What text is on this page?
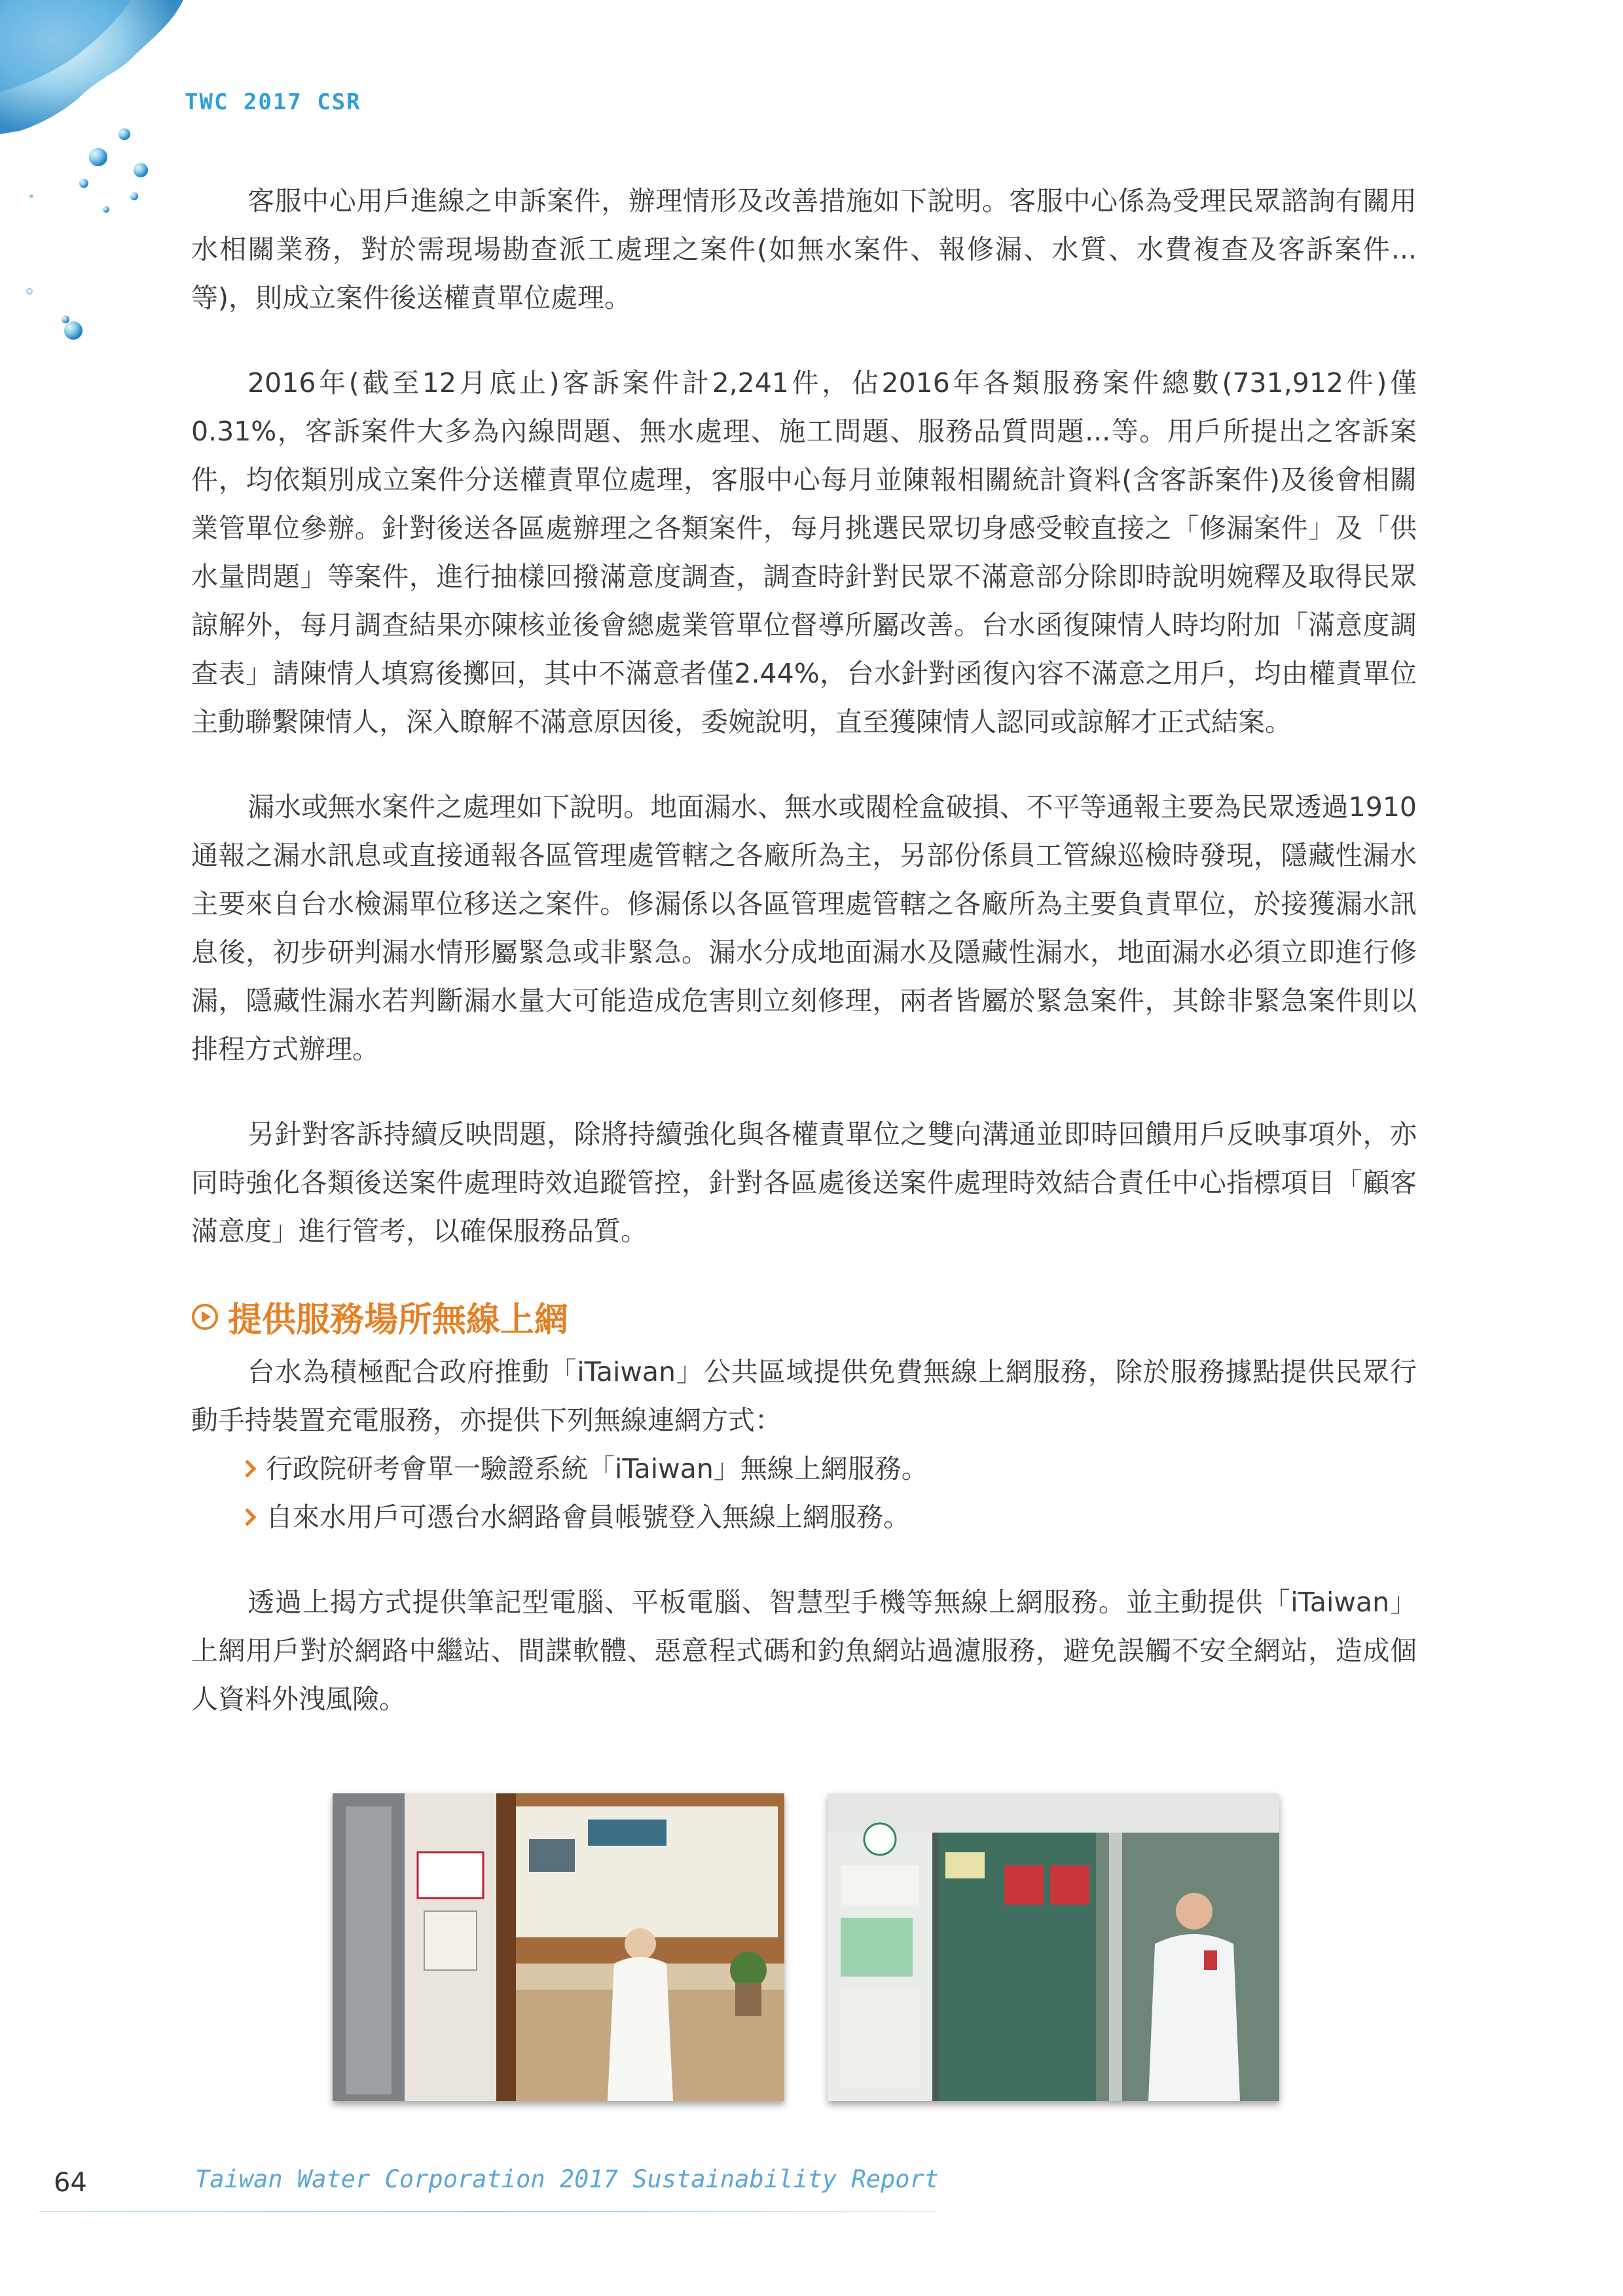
TWC 2017 CSR

客服中心用戶進線之申訴案件，辦理情形及改善措施如下說明。客服中心係為受理民眾諮詢有關用水相關業務，對於需現場勘查派工處理之案件(如無水案件、報修漏、水質、水費複查及客訴案件...等)，則成立案件後送權責單位處理。

2016年(截至12月底止)客訴案件計2,241件，佔2016年各類服務案件總數(731,912件)僅0.31%，客訴案件大多為內線問題、無水處理、施工問題、服務品質問題...等。用戶所提出之客訴案件，均依類別成立案件分送權責單位處理，客服中心每月並陳報相關統計資料(含客訴案件)及後會相關業管單位參辦。針對後送各區處辦理之各類案件，每月挑選民眾切身感受較直接之「修漏案件」及「供水量問題」等案件，進行抽樣回撥滿意度調查，調查時針對民眾不滿意部分除即時說明婉釋及取得民眾諒解外，每月調查結果亦陳核並後會總處業管單位督導所屬改善。台水函復陳情人時均附加「滿意度調查表」請陳情人填寫後擲回，其中不滿意者僅2.44%，台水針對函復內容不滿意之用戶，均由權責單位主動聯繫陳情人，深入瞭解不滿意原因後，委婉說明，直至獲陳情人認同或諒解才正式結案。

漏水或無水案件之處理如下說明。地面漏水、無水或閥栓盒破損、不平等通報主要為民眾透過1910通報之漏水訊息或直接通報各區管理處管轄之各廠所為主，另部份係員工管線巡檢時發現，隱藏性漏水主要來自台水檢漏單位移送之案件。修漏係以各區管理處管轄之各廠所為主要負責單位，於接獲漏水訊息後，初步研判漏水情形屬緊急或非緊急。漏水分成地面漏水及隱藏性漏水，地面漏水必須立即進行修漏，隱藏性漏水若判斷漏水量大可能造成危害則立刻修理，兩者皆屬於緊急案件，其餘非緊急案件則以排程方式辦理。

另針對客訴持續反映問題，除將持續強化與各權責單位之雙向溝通並即時回饋用戶反映事項外，亦同時強化各類後送案件處理時效追蹤管控，針對各區處後送案件處理時效結合責任中心指標項目「顧客滿意度」進行管考，以確保服務品質。

提供服務場所無線上網

台水為積極配合政府推動「iTaiwan」公共區域提供免費無線上網服務，除於服務據點提供民眾行動手持裝置充電服務，亦提供下列無線連網方式：

行政院研考會單一驗證系統「iTaiwan」無線上網服務。
自來水用戶可憑台水網路會員帳號登入無線上網服務。

透過上揭方式提供筆記型電腦、平板電腦、智慧型手機等無線上網服務。並主動提供「iTaiwan」上網用戶對於網路中繼站、間諜軟體、惡意程式碼和釣魚網站過濾服務，避免誤觸不安全網站，造成個人資料外洩風險。

64	Taiwan Water Corporation 2017 Sustainability Report
